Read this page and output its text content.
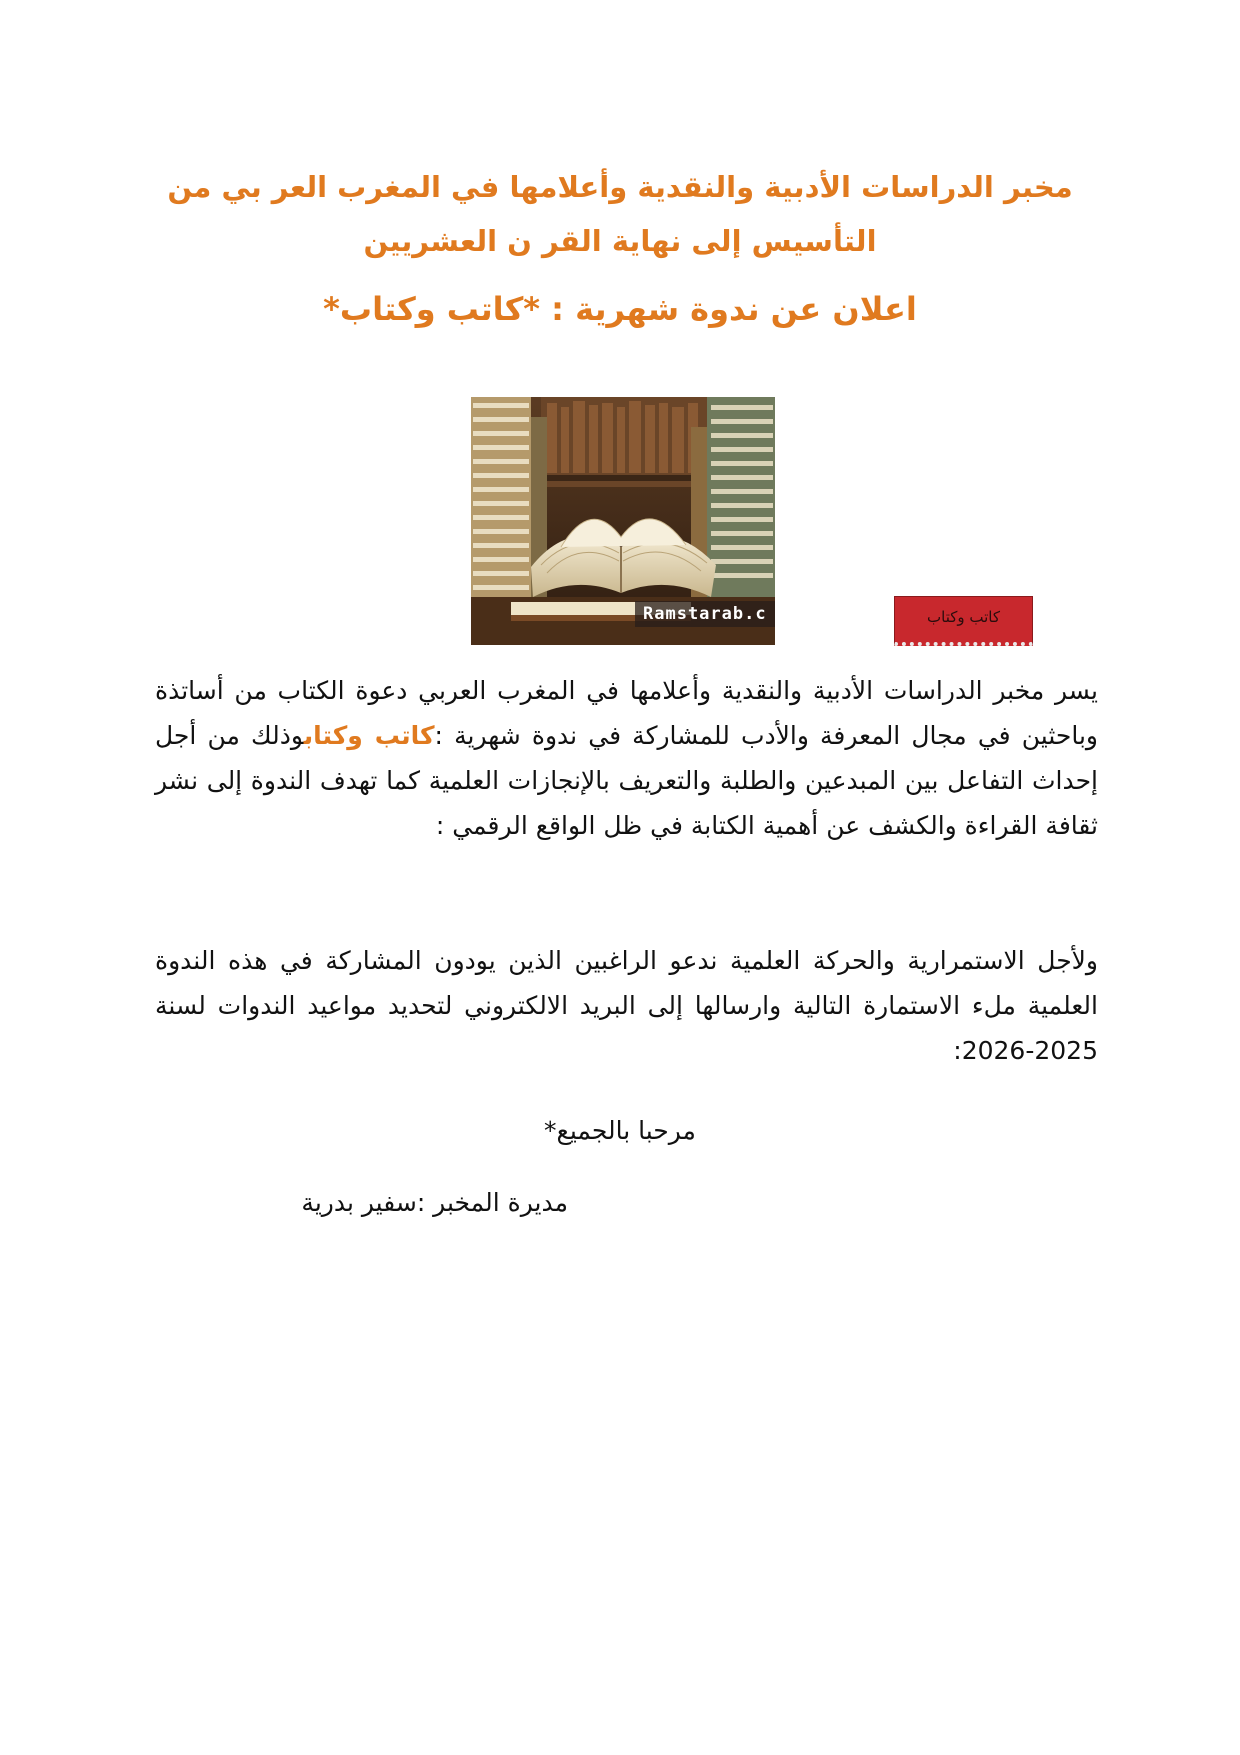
مخبر الدراسات الأدبية والنقدية وأعلامها في المغرب العر بي من التأسيس إلى نهاية القر ن العشريين
اعلان عن ندوة شهرية : *كاتب وكتاب*
Ramstarab.c	كاتب وكتاب

يسر مخبر الدراسات الأدبية والنقدية وأعلامها في المغرب العربي دعوة الكتاب من أساتذة وباحثين في مجال المعرفة والأدب للمشاركة في ندوة شهرية :كاتب وكتابوذلك من أجل إحداث التفاعل بين المبدعين والطلبة والتعريف بالإنجازات العلمية كما تهدف الندوة إلى نشر ثقافة القراءة والكشف عن أهمية الكتابة في ظل الواقع الرقمي :

ولأجل الاستمرارية والحركة العلمية ندعو الراغبين الذين يودون المشاركة في هذه الندوة العلمية ملء الاستمارة التالية وارسالها إلى البريد الالكتروني لتحديد مواعيد الندوات لسنة 2025-2026:

مرحبا بالجميع*

مديرة المخبر :سفير بدرية
